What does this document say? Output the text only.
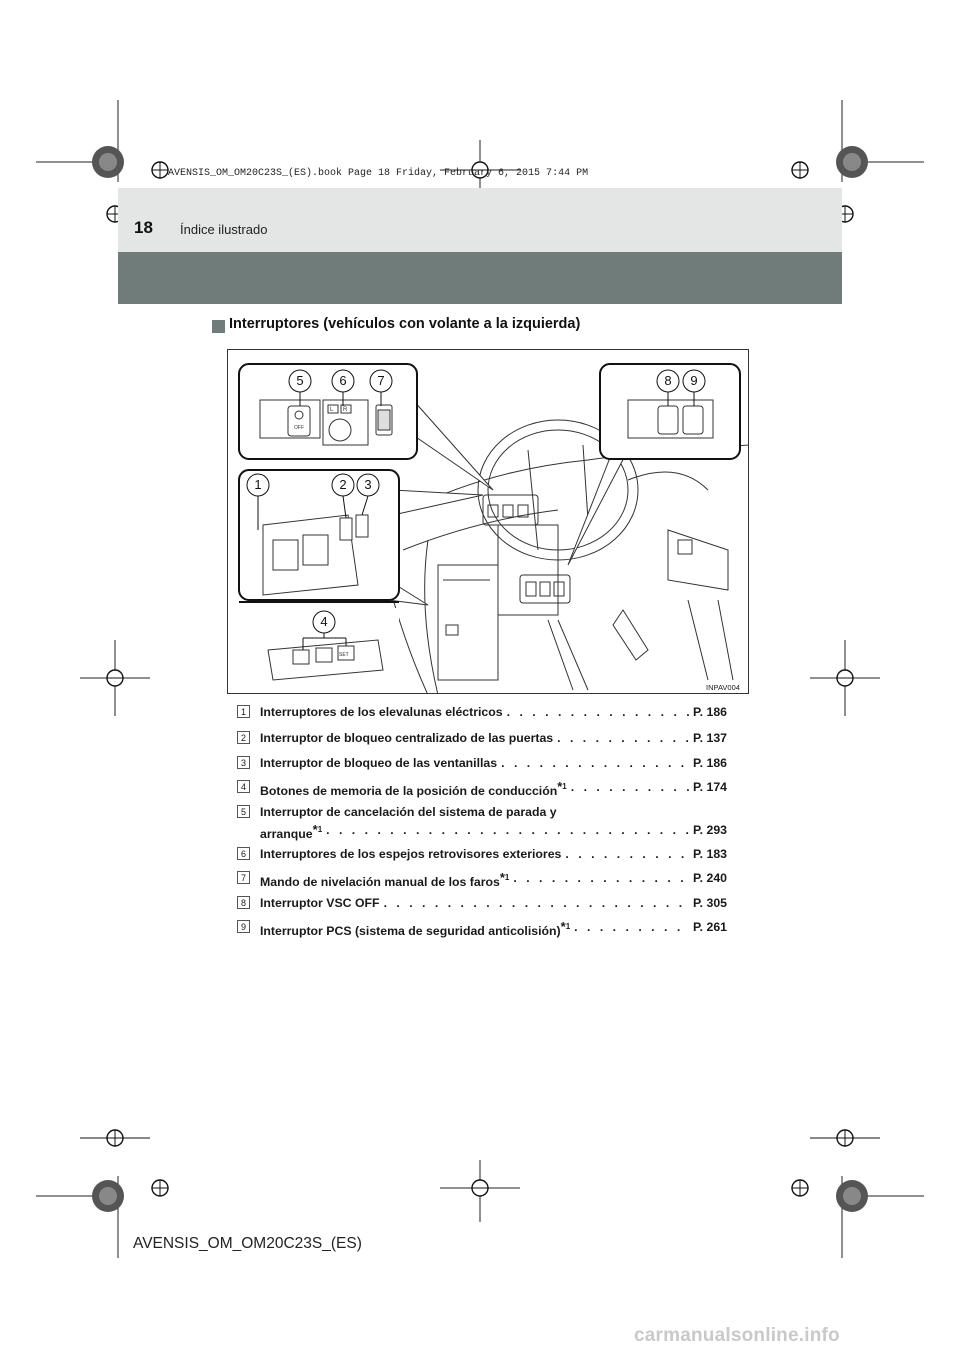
AVENSIS_OM_OM20C23S_(ES).book Page 18 Friday, February 6, 2015 7:44 PM
18 Índice ilustrado
Interruptores (vehículos con volante a la izquierda)
OFF
L R
5	6 7	8 9
1	2 3
SET
4
INPAV004
1	Interruptores de los elevalunas eléctricos . . .	P. 186
2	Interruptor de bloqueo centralizado de las puertas . . .	P. 137
3	Interruptor de bloqueo de las ventanillas . . .	P. 186
4	Botones de memoria de la posición de conducción$^{*1}$ . . .	P. 174
5	Interruptor de cancelación del sistema de parada y
arranque$^{*1}$ . . .	P. 293
6	Interruptores de los espejos retrovisores exteriores . . .	P. 183
7	Mando de nivelación manual de los faros$^{*1}$ . . .	P. 240
8	Interruptor VSC OFF . . .	P. 305
9	Interruptor PCS (sistema de seguridad anticolisión)$^{*1}$ . . .	P. 261
AVENSIS_OM_OM20C23S_(ES)
carmanualsonline.info
